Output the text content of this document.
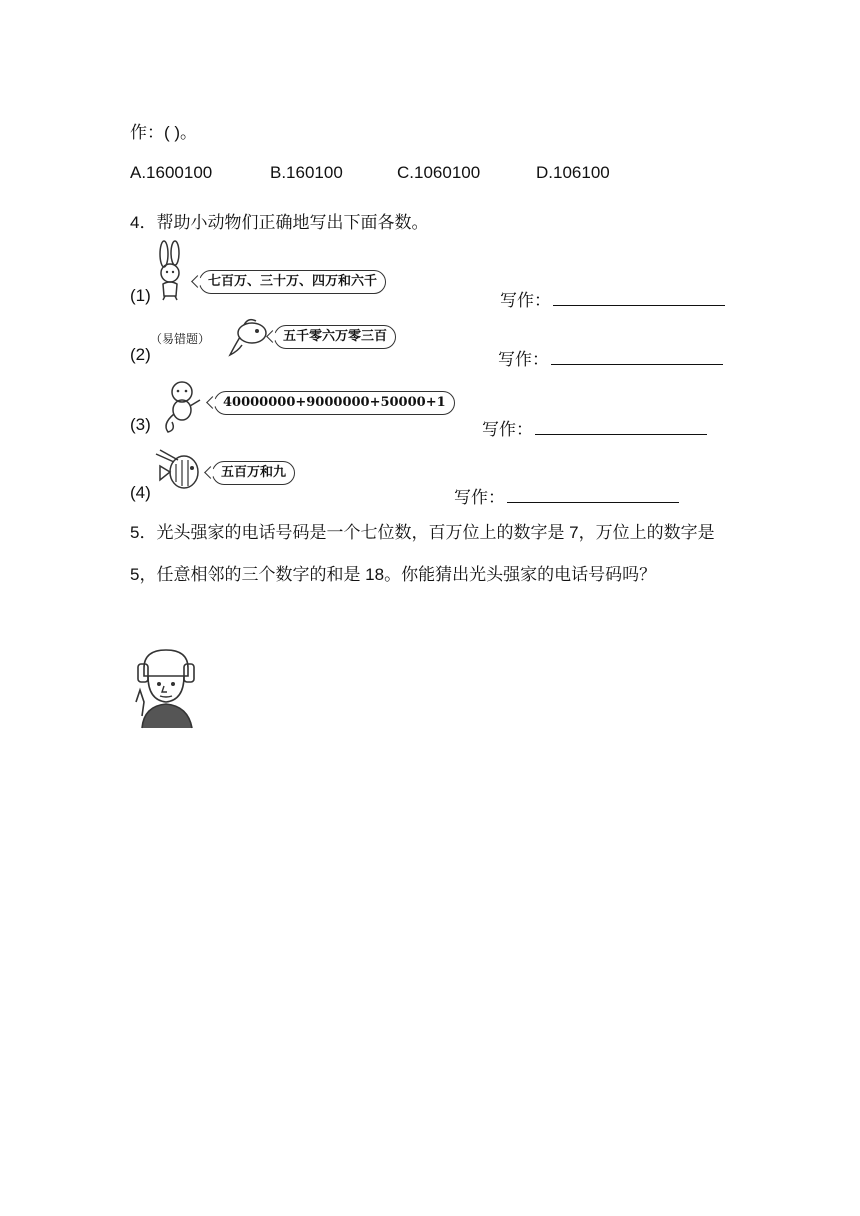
作：( )。
A.1600100	B.160100	C.1060100	D.106100
4．帮助小动物们正确地写出下面各数。
(1)
七百万、三十万、四万和六千
写作：
（易错题）
(2)
五千零六万零三百
写作：
(3)
40000000+9000000+50000+1
写作：
(4)
五百万和九
写作：
5．光头强家的电话号码是一个七位数，百万位上的数字是 7，万位上的数字是 5，任意相邻的三个数字的和是 18。你能猜出光头强家的电话号码吗？
